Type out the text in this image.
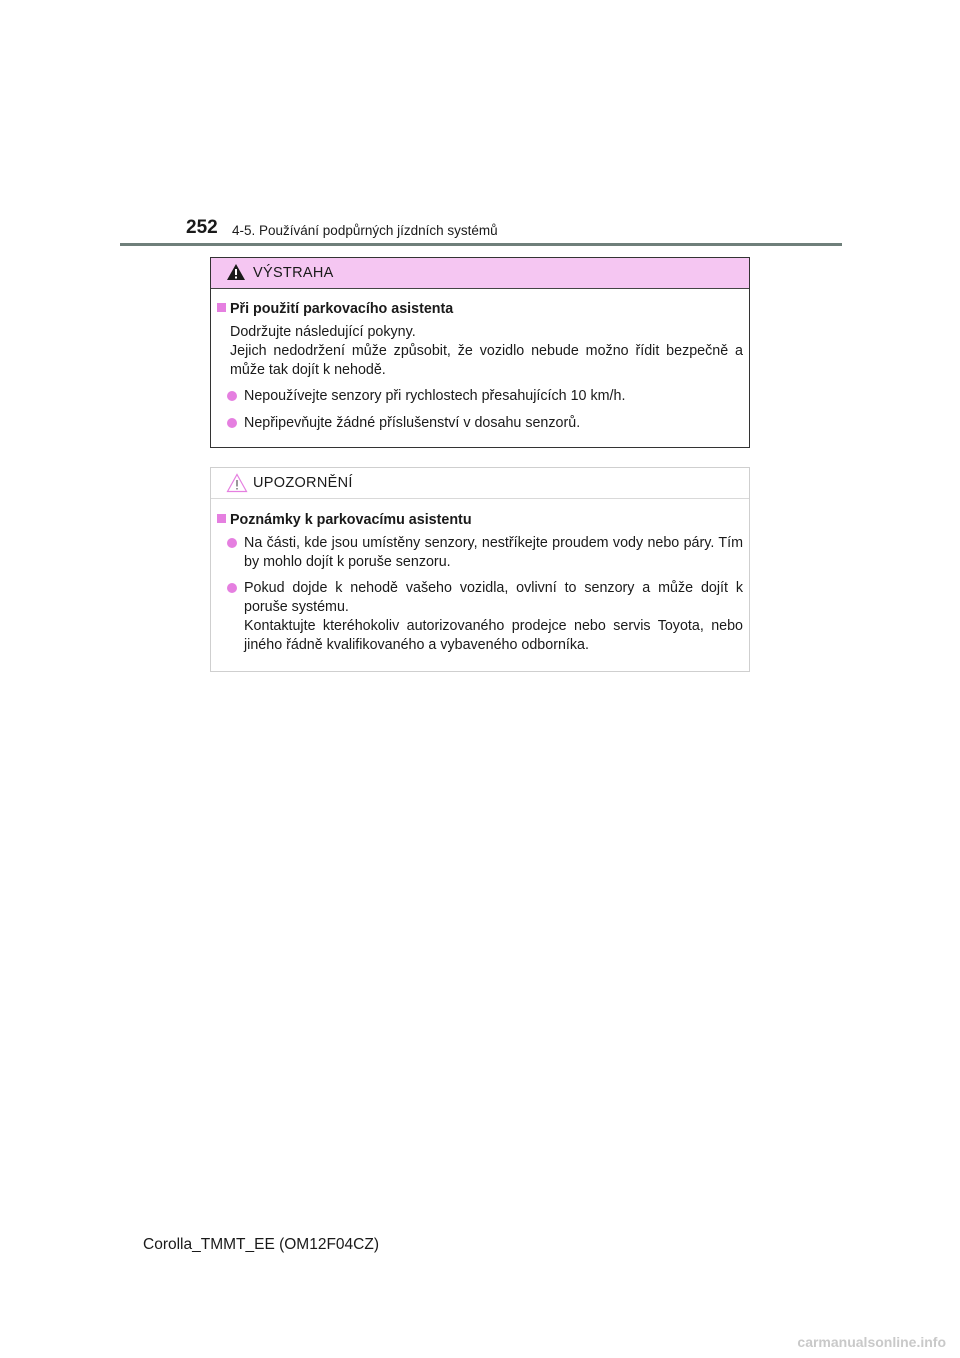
252 4-5. Používání podpůrných jízdních systémů
VÝSTRAHA
Při použití parkovacího asistenta
Dodržujte následující pokyny.
Jejich nedodržení může způsobit, že vozidlo nebude možno řídit bezpečně a může tak dojít k nehodě.
Nepoužívejte senzory při rychlostech přesahujících 10 km/h.
Nepřipevňujte žádné příslušenství v dosahu senzorů.
UPOZORNĚNÍ
Poznámky k parkovacímu asistentu
Na části, kde jsou umístěny senzory, nestříkejte proudem vody nebo páry. Tím by mohlo dojít k poruše senzoru.
Pokud dojde k nehodě vašeho vozidla, ovlivní to senzory a může dojít k poruše systému.
Kontaktujte kteréhokoliv autorizovaného prodejce nebo servis Toyota, nebo jiného řádně kvalifikovaného a vybaveného odborníka.
Corolla_TMMT_EE (OM12F04CZ)
carmanualsonline.info
